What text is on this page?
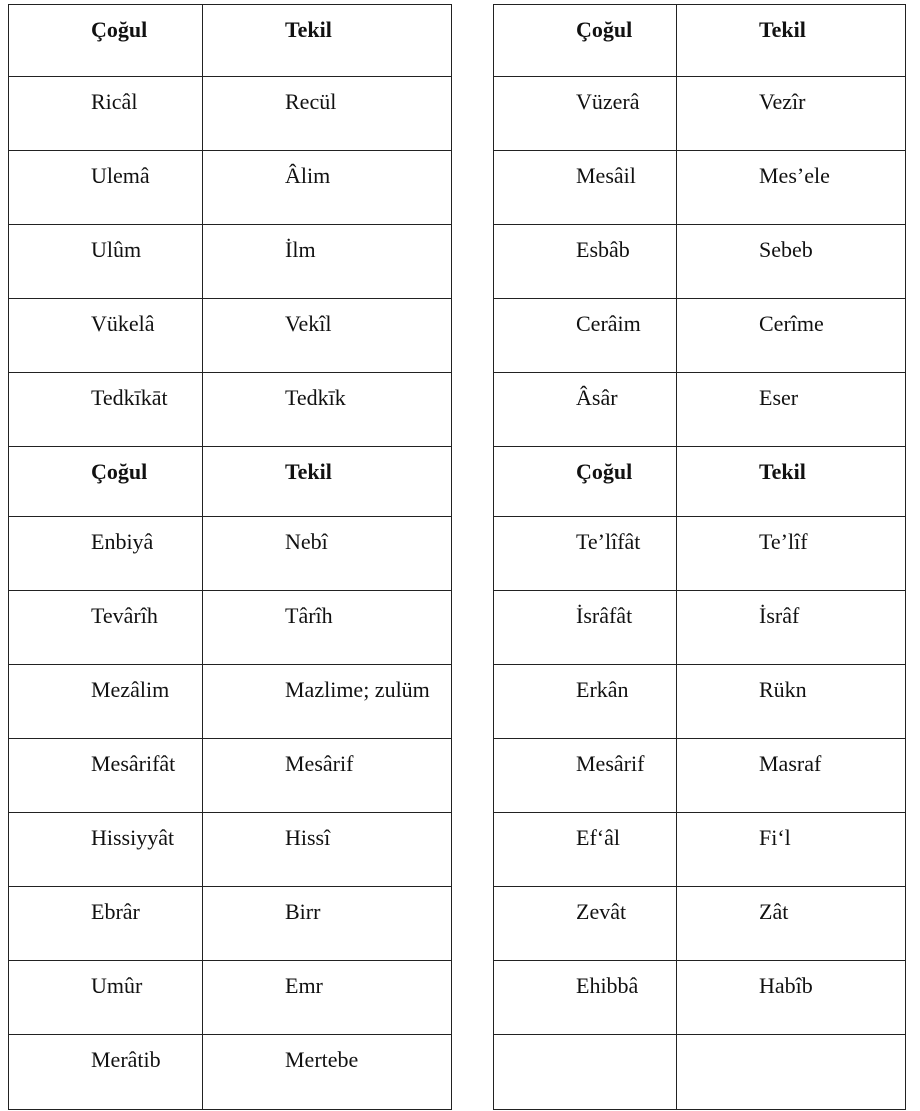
Çoğul	Tekil	Çoğul	Tekil
Ricâl	Recül	Vüzerâ	Vezîr
Ulemâ	Âlim	Mesâil	Mes’ele
Ulûm	İlm	Esbâb	Sebeb
Vükelâ	Vekîl	Cerâim	Cerîme
Tedkīkāt	Tedkīk	Âsâr	Eser
Çoğul	Tekil	Çoğul	Tekil
Enbiyâ	Nebî	Te’lîfât	Te’lîf
Tevârîh	Târîh	İsrâfât	İsrâf
Mezâlim	Mazlime; zulüm	Erkân	Rükn
Mesârifât	Mesârif	Mesârif	Masraf
Hissiyyât	Hissî	Ef‘âl	Fi‘l
Ebrâr	Birr	Zevât	Zât
Umûr	Emr	Ehibbâ	Habîb
Merâtib	Mertebe
